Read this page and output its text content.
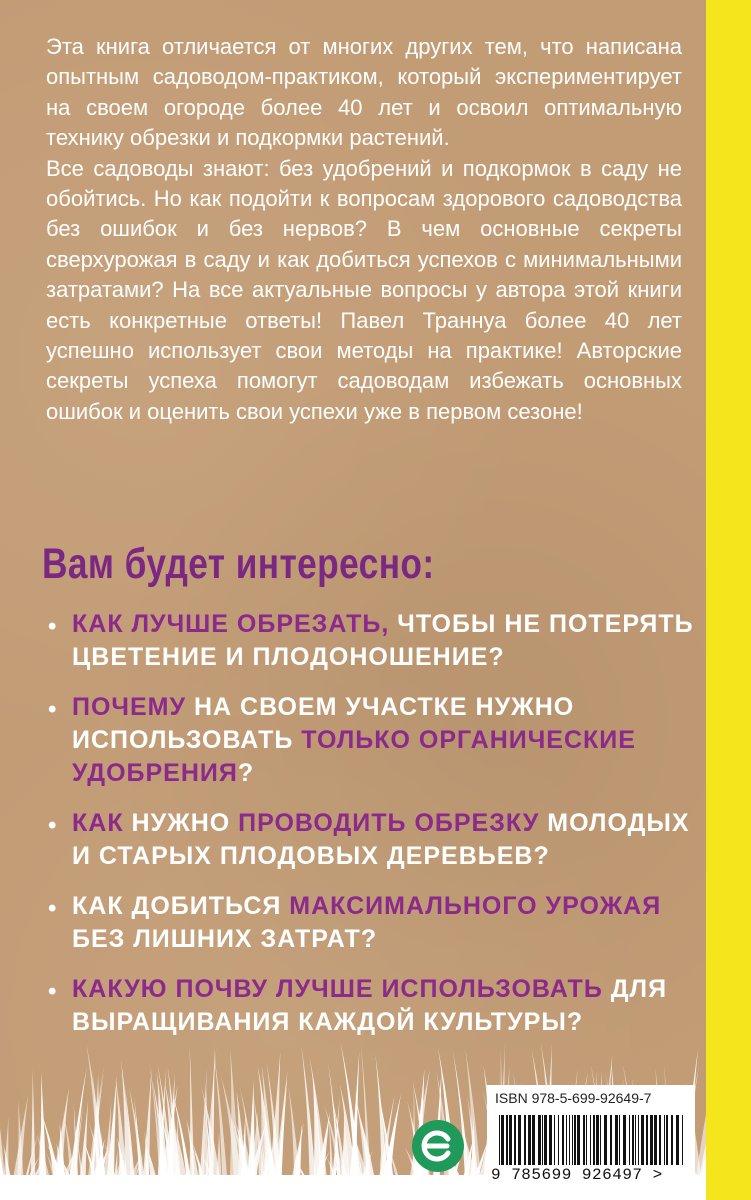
Эта книга отличается от многих других тем, что написана опытным садоводом-практиком, который экспериментирует на своем огороде более 40 лет и освоил оптимальную технику обрезки и подкормки растений.

Все садоводы знают: без удобрений и подкормок в саду не обойтись. Но как подойти к вопросам здорового садоводства без ошибок и без нервов? В чем основные секреты сверхурожая в саду и как добиться успехов с минимальными затратами? На все актуальные вопросы у автора этой книги есть конкретные ответы! Павел Траннуа более 40 лет успешно использует свои методы на практике! Авторские секреты успеха помогут садоводам избежать основных ошибок и оценить свои успехи уже в первом сезоне!

Вам будет интересно:
• КАК ЛУЧШЕ ОБРЕЗАТЬ, ЧТОБЫ НЕ ПОТЕРЯТЬ ЦВЕТЕНИЕ И ПЛОДОНОШЕНИЕ?
• ПОЧЕМУ НА СВОЕМ УЧАСТКЕ НУЖНО ИСПОЛЬЗОВАТЬ ТОЛЬКО ОРГАНИЧЕСКИЕ УДОБРЕНИЯ?
• КАК НУЖНО ПРОВОДИТЬ ОБРЕЗКУ МОЛОДЫХ И СТАРЫХ ПЛОДОВЫХ ДЕРЕВЬЕВ?
• КАК ДОБИТЬСЯ МАКСИМАЛЬНОГО УРОЖАЯ БЕЗ ЛИШНИХ ЗАТРАТ?
• КАКУЮ ПОЧВУ ЛУЧШЕ ИСПОЛЬЗОВАТЬ ДЛЯ ВЫРАЩИВАНИЯ КАЖДОЙ КУЛЬТУРЫ?
ISBN 978-5-699-92649-7
9 785699 926497 >
